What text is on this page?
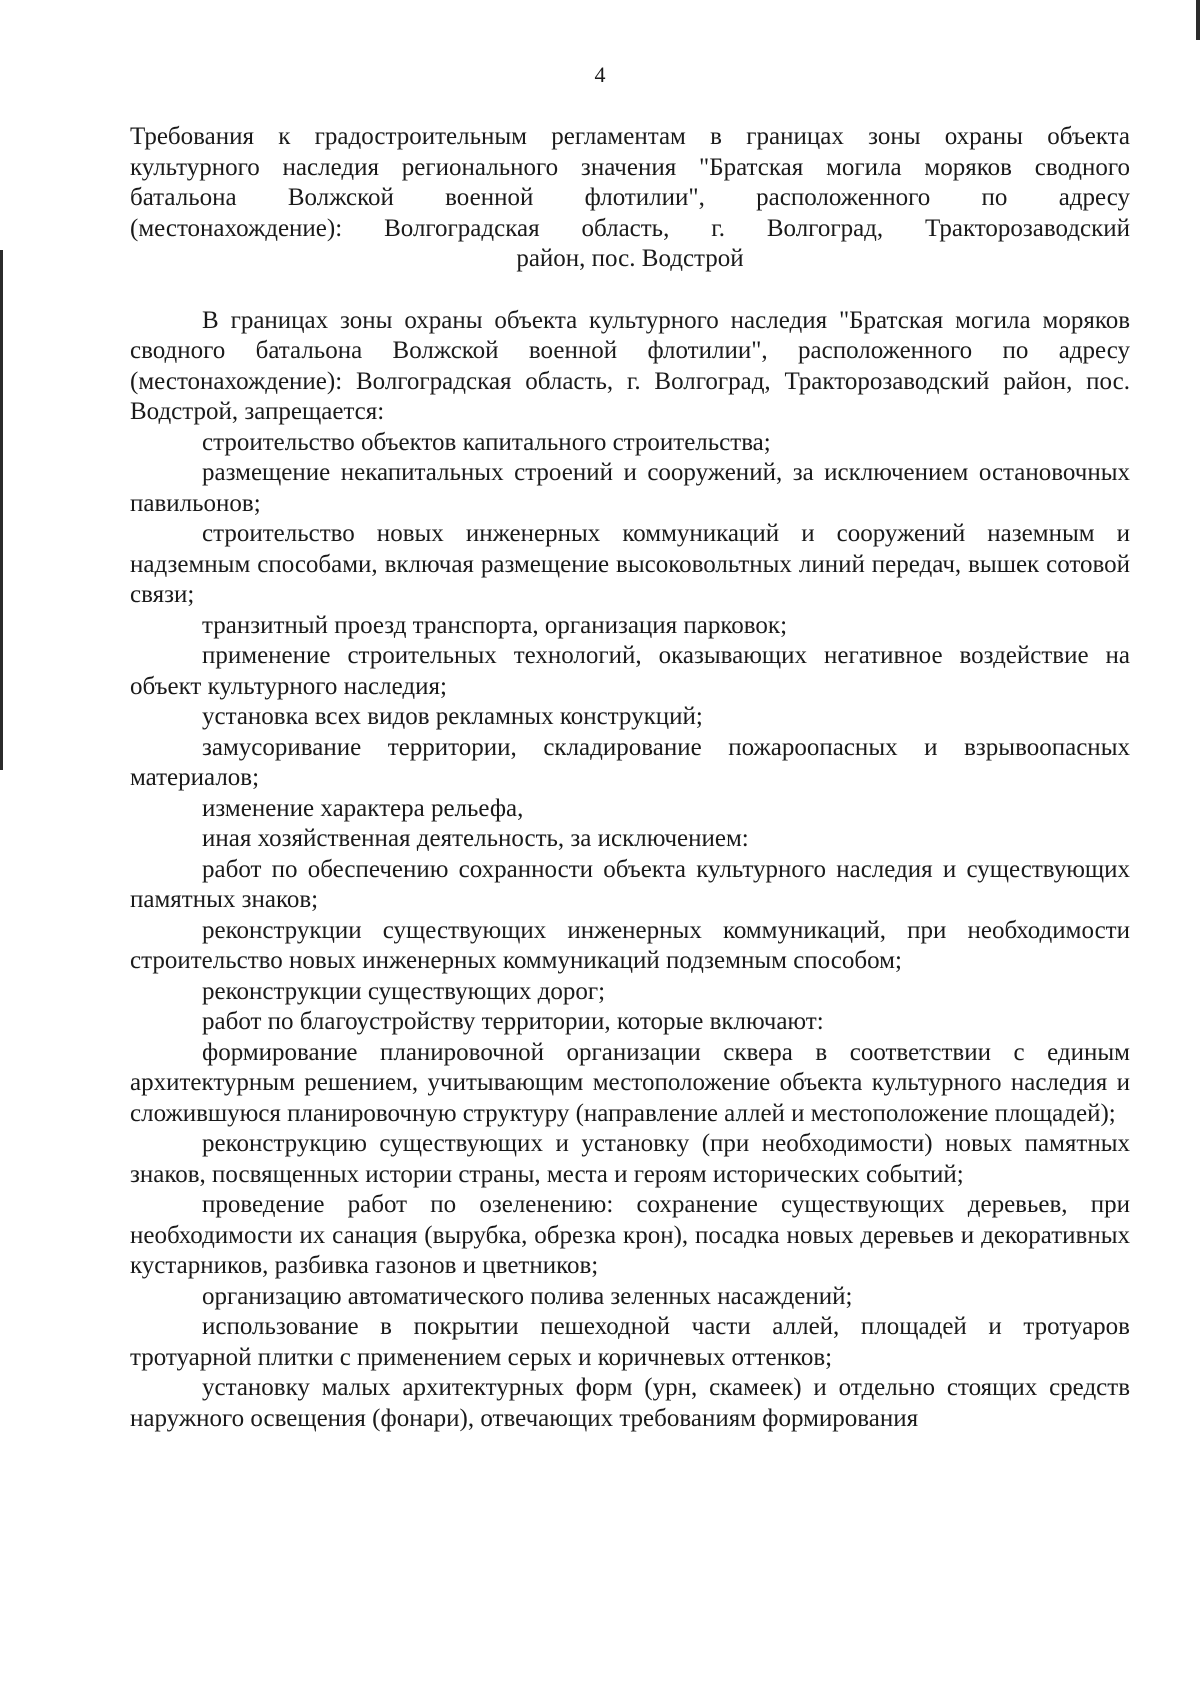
4

Требования к градостроительным регламентам в границах зоны охраны объекта

культурного наследия регионального значения "Братская могила моряков сводного

батальона Волжской военной флотилии", расположенного по адресу

(местонахождение): Волгоградская область, г. Волгоград, Тракторозаводский

район, пос. Водстрой

В границах зоны охраны объекта культурного наследия "Братская могила моряков сводного батальона Волжской военной флотилии", расположенного по адресу (местонахождение): Волгоградская область, г. Волгоград, Тракторозаводский район, пос. Водстрой, запрещается:

строительство объектов капитального строительства;

размещение некапитальных строений и сооружений, за исключением остановочных павильонов;

строительство новых инженерных коммуникаций и сооружений наземным и надземным способами, включая размещение высоковольтных линий передач, вышек сотовой связи;

транзитный проезд транспорта, организация парковок;

применение строительных технологий, оказывающих негативное воздействие на объект культурного наследия;

установка всех видов рекламных конструкций;

замусоривание территории, складирование пожароопасных и взрывоопасных материалов;

изменение характера рельефа,

иная хозяйственная деятельность, за исключением:

работ по обеспечению сохранности объекта культурного наследия и существующих памятных знаков;

реконструкции существующих инженерных коммуникаций, при необходимости строительство новых инженерных коммуникаций подземным способом;

реконструкции существующих дорог;

работ по благоустройству территории, которые включают:

формирование планировочной организации сквера в соответствии с единым архитектурным решением, учитывающим местоположение объекта культурного наследия и сложившуюся планировочную структуру (направление аллей и местоположение площадей);

реконструкцию существующих и установку (при необходимости) новых памятных знаков, посвященных истории страны, места и героям исторических событий;

проведение работ по озеленению: сохранение существующих деревьев, при необходимости их санация (вырубка, обрезка крон), посадка новых деревьев и декоративных кустарников, разбивка газонов и цветников;

организацию автоматического полива зеленных насаждений;

использование в покрытии пешеходной части аллей, площадей и тротуаров тротуарной плитки с применением серых и коричневых оттенков;

установку малых архитектурных форм (урн, скамеек) и отдельно стоящих средств наружного освещения (фонари), отвечающих требованиям формирования
